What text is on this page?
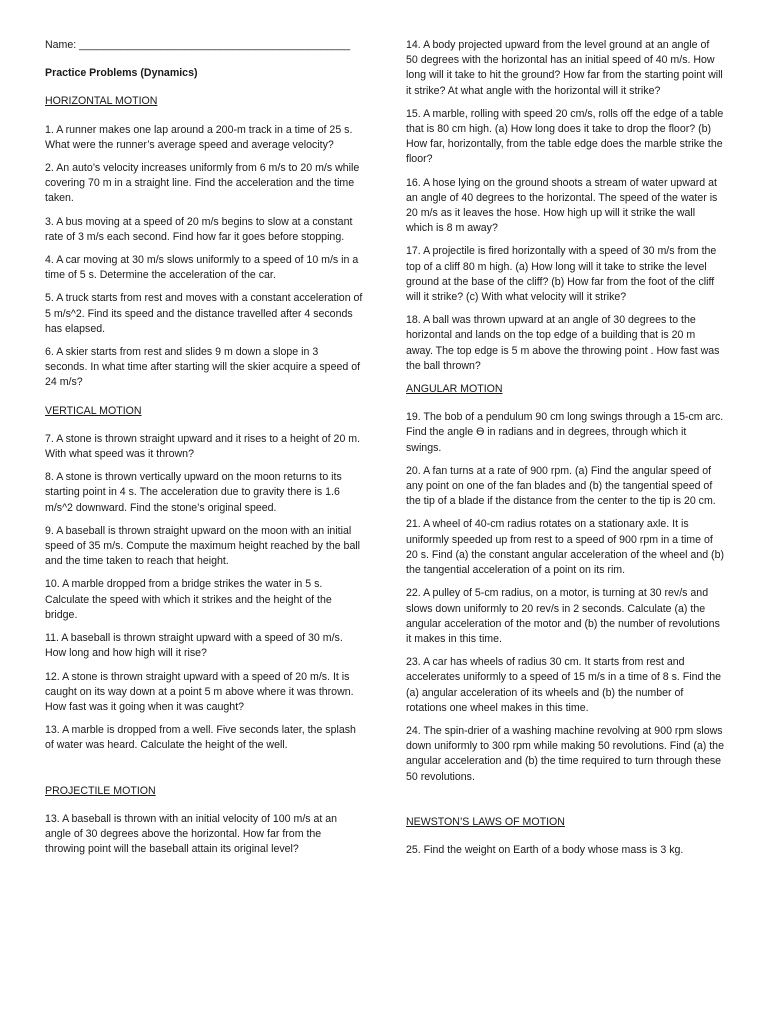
Name: ______________________________________________

Practice Problems (Dynamics)

HORIZONTAL MOTION

1. A runner makes one lap around a 200-m track in a time of 25 s. What were the runner’s average speed and average velocity?

2. An auto’s velocity increases uniformly from 6 m/s to 20 m/s while covering 70 m in a straight line. Find the acceleration and the time taken.

3. A bus moving at a speed of 20 m/s begins to slow at a constant rate of 3 m/s each second. Find how far it goes before stopping.

4. A car moving at 30 m/s slows uniformly to a speed of 10 m/s in a time of 5 s. Determine the acceleration of the car.

5. A truck starts from rest and moves with a constant acceleration of 5 m/s^2. Find its speed and the distance travelled after 4 seconds has elapsed.

6. A skier starts from rest and slides 9 m down a slope in 3 seconds. In what time after starting will the skier acquire a speed of 24 m/s?

VERTICAL MOTION

7. A stone is thrown straight upward and it rises to a height of 20 m. With what speed was it thrown?

8. A stone is thrown vertically upward on the moon returns to its starting point in 4 s. The acceleration due to gravity there is 1.6 m/s^2 downward. Find the stone’s original speed.

9. A baseball is thrown straight upward on the moon with an initial speed of 35 m/s. Compute the maximum height reached by the ball and the time taken to reach that height.

10. A marble dropped from a bridge strikes the water in 5 s. Calculate the speed with which it strikes and the height of the bridge.

11. A baseball is thrown straight upward with a speed of 30 m/s. How long and how high will it rise?

12. A stone is thrown straight upward with a speed of 20 m/s. It is caught on its way down at a point 5 m above where it was thrown. How fast was it going when it was caught?

13. A marble is dropped from a well. Five seconds later, the splash of water was heard. Calculate the height of the well.

PROJECTILE MOTION

13. A baseball is thrown with an initial velocity of 100 m/s at an angle of 30 degrees above the horizontal. How far from the throwing point will the baseball attain its original level?

14. A body projected upward from the level ground at an angle of 50 degrees with the horizontal has an initial speed of 40 m/s. How long will it take to hit the ground? How far from the starting point will it strike? At what angle with the horizontal will it strike?

15. A marble, rolling with speed 20 cm/s, rolls off the edge of a table that is 80 cm high. (a) How long does it take to drop the floor? (b) How far, horizontally, from the table edge does the marble strike the floor?

16. A hose lying on the ground shoots a stream of water upward at an angle of 40 degrees to the horizontal. The speed of the water is 20 m/s as it leaves the hose. How high up will it strike the wall which is 8 m away?

17. A projectile is fired horizontally with a speed of 30 m/s from the top of a cliff 80 m high. (a) How long will it take to strike the level ground at the base of the cliff? (b) How far from the foot of the cliff will it strike? (c) With what velocity will it strike?

18. A ball was thrown upward at an angle of 30 degrees to the horizontal and lands on the top edge of a building that is 20 m away. The top edge is 5 m above the throwing point . How fast was the ball thrown?

ANGULAR MOTION

19. The bob of a pendulum 90 cm long swings through a 15-cm arc. Find the angle ϴ in radians and in degrees, through which it swings.

20. A fan turns at a rate of 900 rpm. (a) Find the angular speed of any point on one of the fan blades and (b) the tangential speed of the tip of a blade if the distance from the center to the tip is 20 cm.

21. A wheel of 40-cm radius rotates on a stationary axle. It is uniformly speeded up from rest to a speed of 900 rpm in a time of 20 s. Find (a) the constant angular acceleration of the wheel and (b) the tangential acceleration of a point on its rim.

22. A pulley of 5-cm radius, on a motor, is turning at 30 rev/s and slows down uniformly to 20 rev/s in 2 seconds. Calculate (a) the angular acceleration of the motor and (b) the number of revolutions it makes in this time.

23. A car has wheels of radius 30 cm. It starts from rest and accelerates uniformly to a speed of 15 m/s in a time of 8 s. Find the (a) angular acceleration of its wheels and (b) the number of rotations one wheel makes in this time.

24. The spin-drier of a washing machine revolving at 900 rpm slows down uniformly to 300 rpm while making 50 revolutions. Find (a) the angular acceleration and (b) the time required to turn through these 50 revolutions.

NEWSTON’S LAWS OF MOTION

25. Find the weight on Earth of a body whose mass is 3 kg.
